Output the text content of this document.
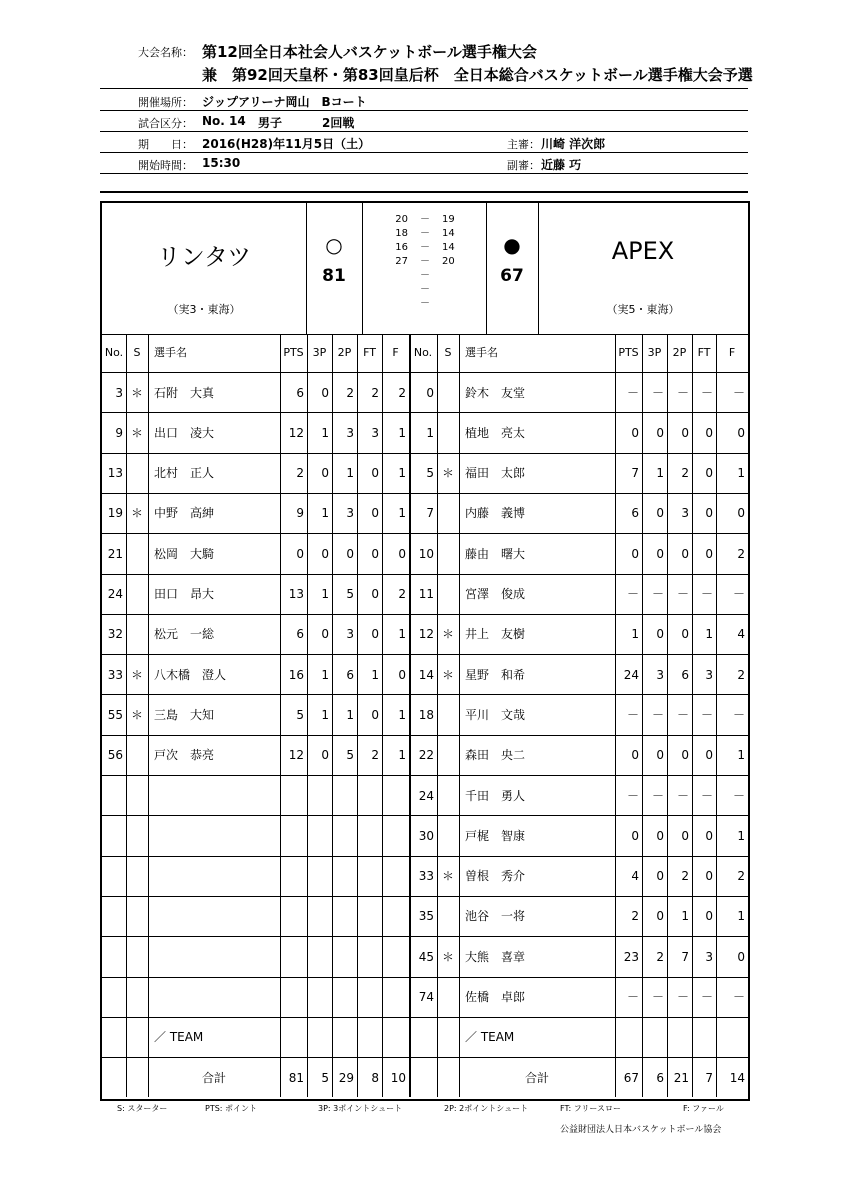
大会名称： 第12回全日本社会人バスケットボール選手権大会
兼　第92回天皇杯・第83回皇后杯　全日本総合バスケットボール選手権大会予選
開催場所： ジップアリーナ岡山　Bコート
試合区分： No. 14 男子	2回戦
期　　日： 2016(H28)年11月5日（土）	主審： 川崎 洋次郎
開始時間： 15:30	副審： 近藤 巧
リンタツ
（実3・東海）
○
81
20	－	19
18	－	14
16	－	14
27	－	20
－
－
－
●
67
APEX
（実5・東海）
No. S	選手名	PTS 3P	2P	FT	F	No.	S	選手名	PTS 3P	2P	FT	F
3 ＊ 石附　大真	6	0	2	2	2	0	鈴木　友堂	－	－	－ －	－
9 ＊ 出口　凌大	12	1	3	3	1	1	植地　亮太	0	0	0	0	0
13	北村　正人	2	0	1	0	1	5 ＊ 福田　太郎	7	1	2	0	1
19 ＊ 中野　高紳	9	1	3	0	1	7	内藤　義博	6	0	3	0	0
21	松岡　大騎	0	0	0	0	0	10	藤由　曙大	0	0	0	0	2
24	田口　昂大	13	1	5	0	2	11	宮澤　俊成	－	－	－ －	－
32	松元　一総	6	0	3	0	1	12 ＊ 井上　友樹	1	0	0	1	4
33 ＊ 八木橋　澄人	16	1	6	1	0	14 ＊ 星野　和希	24	3	6	3	2
55 ＊ 三島　大知	5	1	1	0	1	18	平川　文哉	－	－	－ －	－
56	戸次　恭亮	12	0	5	2	1	22	森田　央二	0	0	0	0	1
24	千田　勇人	－	－	－ －	－
30	戸梶　智康	0	0	0	0	1
33 ＊ 曽根　秀介	4	0	2	0	2
35	池谷　一将	2	0	1	0	1
45 ＊ 大熊　喜章	23	2	7	3	0
74	佐橋　卓郎	－	－	－ －	－
／ TEAM	／ TEAM
合計	81	5 29	8 10	合計	67	6 21	7	14
S: スターター	PTS: ポイント	3P: 3ポイントシュート	2P: 2ポイントシュート	FT: フリースロー	F: ファール
公益財団法人日本バスケットボール協会
